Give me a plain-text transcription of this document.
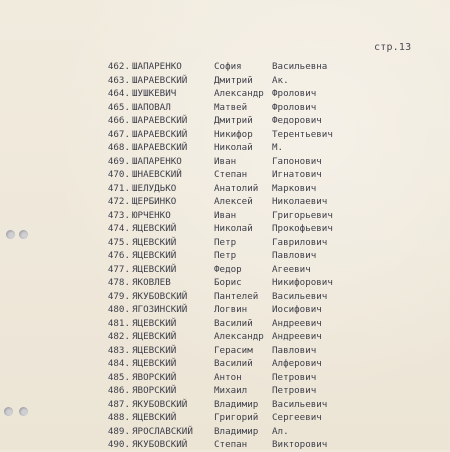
стр.13
462. ШАПАРЕНКО	София	Васильевна
463. ШАРАЕВСКИЙ	Дмитрий Ак.
464. ШУШКЕВИЧ	Александр Фролович
465. ШАПОВАЛ	Матвей	Фролович
466. ШАРАЕВСКИЙ	Дмитрий Федорович
467. ШАРАЕВСКИЙ	Никифор Терентьевич
468. ШАРАЕВСКИЙ	Николай М.
469. ШАПАРЕНКО	Иван	Гапонович
470. ШНАЕВСКИЙ	Степан	Игнатович
471. ШЕЛУДЬКО	Анатолий Маркович
472. ЩЕРБИНКО	Алексей Николаевич
473. ЮРЧЕНКО	Иван	Григорьевич
474. ЯЦЕВСКИЙ	Николай Прокофьевич
475. ЯЦЕВСКИЙ	Петр	Гаврилович
476. ЯЦЕВСКИЙ	Петр	Павлович
477. ЯЦЕВСКИЙ	Федор	Агеевич
478. ЯКОВЛЕВ	Борис	Никифорович
479. ЯКУБОВСКИЙ	Пантелей Васильевич
480. ЯГОЗИНСКИЙ	Логвин	Иосифович
481. ЯЦЕВСКИЙ	Василий Андреевич
482. ЯЦЕВСКИЙ	Александр Андреевич
483. ЯЦЕВСКИЙ	Герасим Павлович
484. ЯЦЕВСКИЙ	Василий Алферович
485. ЯВОРСКИЙ	Антон	Петрович
486. ЯВОРСКИЙ	Михаил	Петрович
487. ЯКУБОВСКИЙ	Владимир Васильевич
488. ЯЦЕВСКИЙ	Григорий Сергеевич
489. ЯРОСЛАВСКИЙ Владимир Ал.
490. ЯКУБОВСКИЙ	Степан	Викторович
